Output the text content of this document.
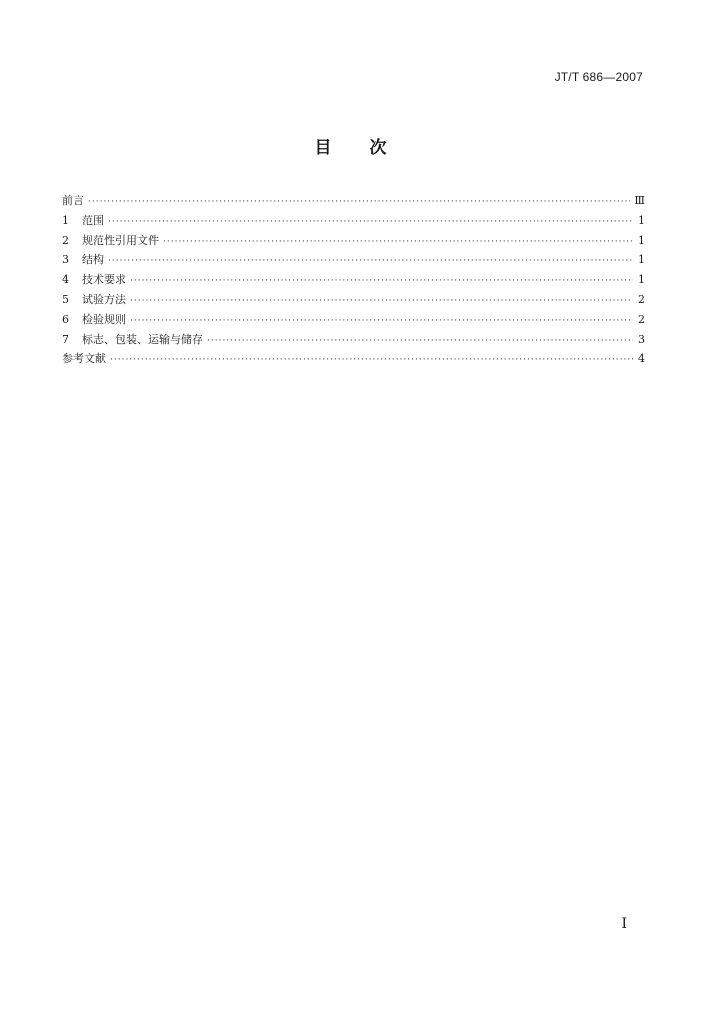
JT/T 686—2007
目 次
前言 ·····	Ⅲ
1	范围 ·····	1
2	规范性引用文件 ·····	1
3	结构 ·····	1
4	技术要求 ·····	1
5	试验方法 ·····	2
6	检验规则 ·····	2
7	标志、包装、运输与储存 ·····	3
参考文献 ·····	4
Ⅰ
